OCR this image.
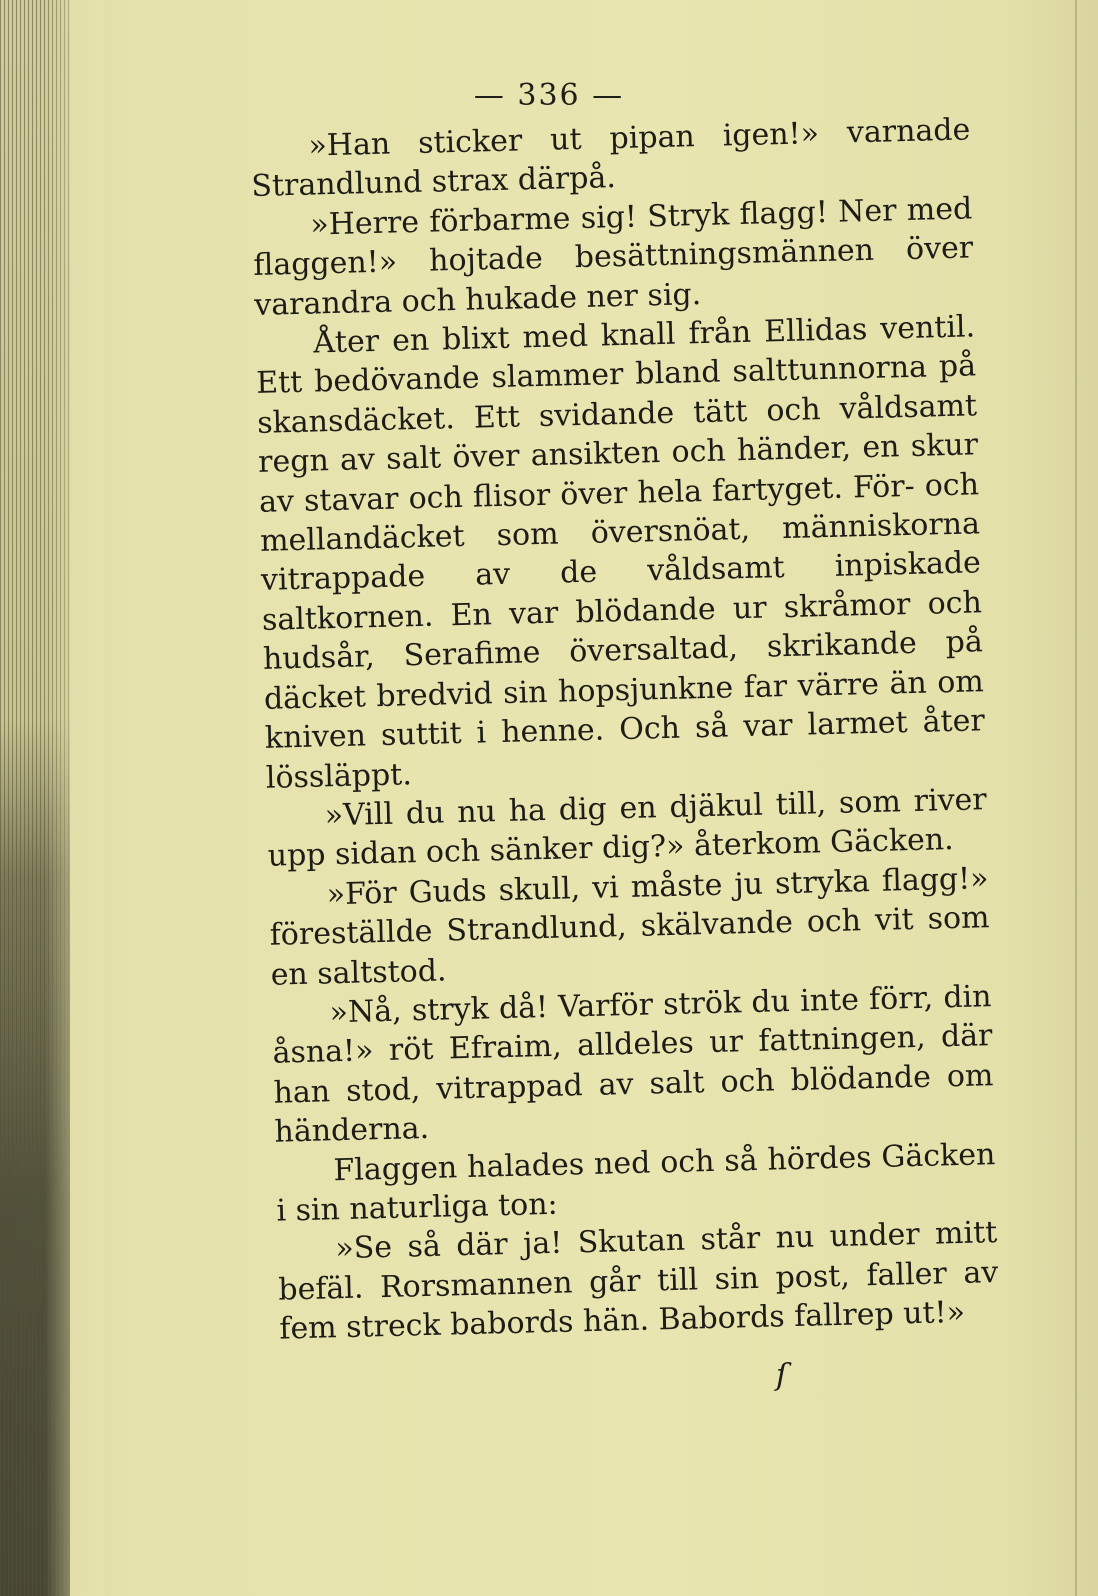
— 336 —

»Han sticker ut pipan igen!» varnade Strandlund strax därpå.

»Herre förbarme sig! Stryk flagg! Ner med flaggen!» hojtade besättningsmännen över varandra och hukade ner sig.

Åter en blixt med knall från Ellidas ventil. Ett bedövande slammer bland salttunnorna på skansdäcket. Ett svidande tätt och våldsamt regn av salt över ansikten och händer, en skur av stavar och flisor över hela fartyget. För- och mellandäcket som översnöat, människorna vitrappade av de våldsamt inpiskade saltkornen. En var blödande ur skråmor och hudsår, Serafime översaltad, skrikande på däcket bredvid sin hopsjunkne far värre än om kniven suttit i henne. Och så var larmet åter lössläppt.

»Vill du nu ha dig en djäkul till, som river upp sidan och sänker dig?» återkom Gäcken.

»För Guds skull, vi måste ju stryka flagg!» föreställde Strandlund, skälvande och vit som en saltstod.

»Nå, stryk då! Varför strök du inte förr, din åsna!» röt Efraim, alldeles ur fattningen, där han stod, vitrappad av salt och blödande om händerna.

Flaggen halades ned och så hördes Gäcken i sin naturliga ton:

»Se så där ja! Skutan står nu under mitt befäl. Rorsmannen går till sin post, faller av fem streck babords hän. Babords fallrep ut!»

ſ
